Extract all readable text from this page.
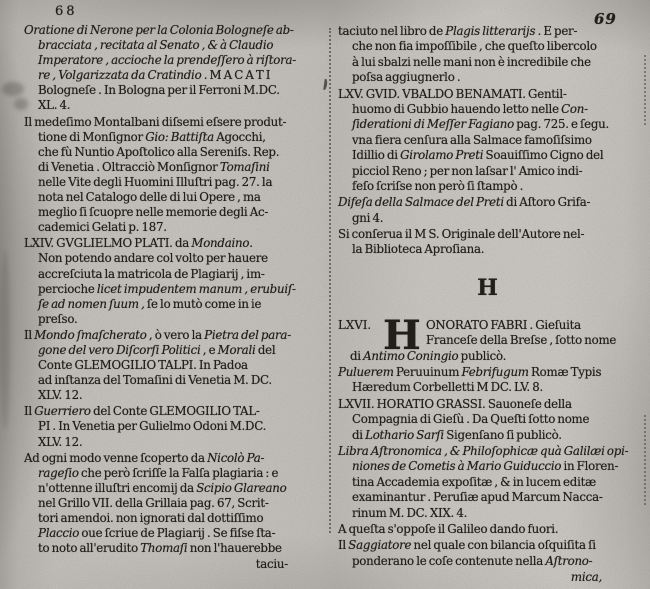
68	69
Oratione di Nerone per la Colonia Bologneſe ab-
bracciata , recitata al Senato , & à Claudio
Imperatore , accioche la prendeſſero à riſtora-
re , Volgarizzata da Cratindio . M A C A T I
Bologneſe . In Bologna per il Ferroni M.DC.
XL. 4.
Il medeſimo Montalbani diſsemi eſsere produt-
tione di Monſignor Gio: Battiſta Agocchi,
che fù Nuntio Apoſtolico alla Sereniſs. Rep.
di Venetia . Oltracciò Monſignor Tomaſini
nelle Vite degli Huomini Illuſtri pag. 27. la
nota nel Catalogo delle di lui Opere , ma
meglio ſi ſcuopre nelle memorie degli Ac-
cademici Gelati p. 187.
LXIV. GVGLIELMO PLATI. da Mondaino.
Non potendo andare col volto per hauere
accreſciuta la matricola de Plagiarij , im-
percioche licet impudentem manum , erubuiſ-
ſe ad nomen ſuum , ſe lo mutò come in ie
preſso.
Il Mondo ſmaſcherato , ò vero la Pietra del para-
gone del vero Diſcorſi Politici , e Morali del
Conte GLEMOGILIO TALPI. In Padoa
ad inſtanza del Tomaſini di Venetia M. DC.
XLV. 12.
Il Guerriero del Conte GLEMOGILIO TAL-
PI . In Venetia per Gulielmo Odoni M.DC.
XLV. 12.
Ad ogni modo venne ſcoperto da Nicolò Pa-
rageſio che però ſcriſſe la Falſa plagiaria : e
n'ottenne illuſtri encomij da Scipio Glareano
nel Grillo VII. della Grillaia pag. 67, Scrit-
tori amendoi. non ignorati dal dottiſſimo
Placcio oue ſcriue de Plagiarij . Se fiſse ſta-
to noto all'erudito Thomaſi non l'hauerebbe
taciu-
taciuto nel libro de Plagis litterarijs . E per-
che non fia impoſſibile , che queſto libercolo
à lui sbalzi nelle mani non è incredibile che
poſsa aggiugnerlo .
LXV. GVID. VBALDO BENAMATI. Gentil-
huomo di Gubbio hauendo letto nelle Con-
ſiderationi di Meſſer Fagiano pag. 725. e ſegu.
vna fiera cenſura alla Salmace famoſiſsimo
Idillio di Girolamo Preti Soauiſſimo Cigno del
picciol Reno ; per non laſsar l' Amico indi-
feſo ſcriſse non però ſi ſtampò .
Difeſa della Salmace del Preti di Aſtoro Grifa-
gni 4.
Si conſerua il M S. Originale dell'Autore nel-
la Biblioteca Aproſiana.
H
LXVI. H ONORATO FABRI . Gieſuita
Franceſe della Breſse , ſotto nome
di Antimo Coningio publicò.
Puluerem Peruuinum Febrifugum Romæ Typis
Hæredum Corbelletti M DC. LV. 8.
LXVII. HORATIO GRASSI. Sauoneſe della
Compagnia di Gieſù . Da Queſti ſotto nome
di Lothario Sarſi Sigenſano ſi publicò.
Libra Aſtronomica , & Philoſophicæ quà Galilæi opi-
niones de Cometis à Mario Guiduccio in Floren-
tina Accademia expoſitæ , & in lucem editæ
examinantur . Peruſiæ apud Marcum Nacca-
rinum M. DC. XIX. 4.
A queſta s'oppoſe il Galileo dando fuori.
Il Saggiatore nel quale con bilancia oſquiſita ſi
ponderano le coſe contenute nella Aſtrono-
mica,
